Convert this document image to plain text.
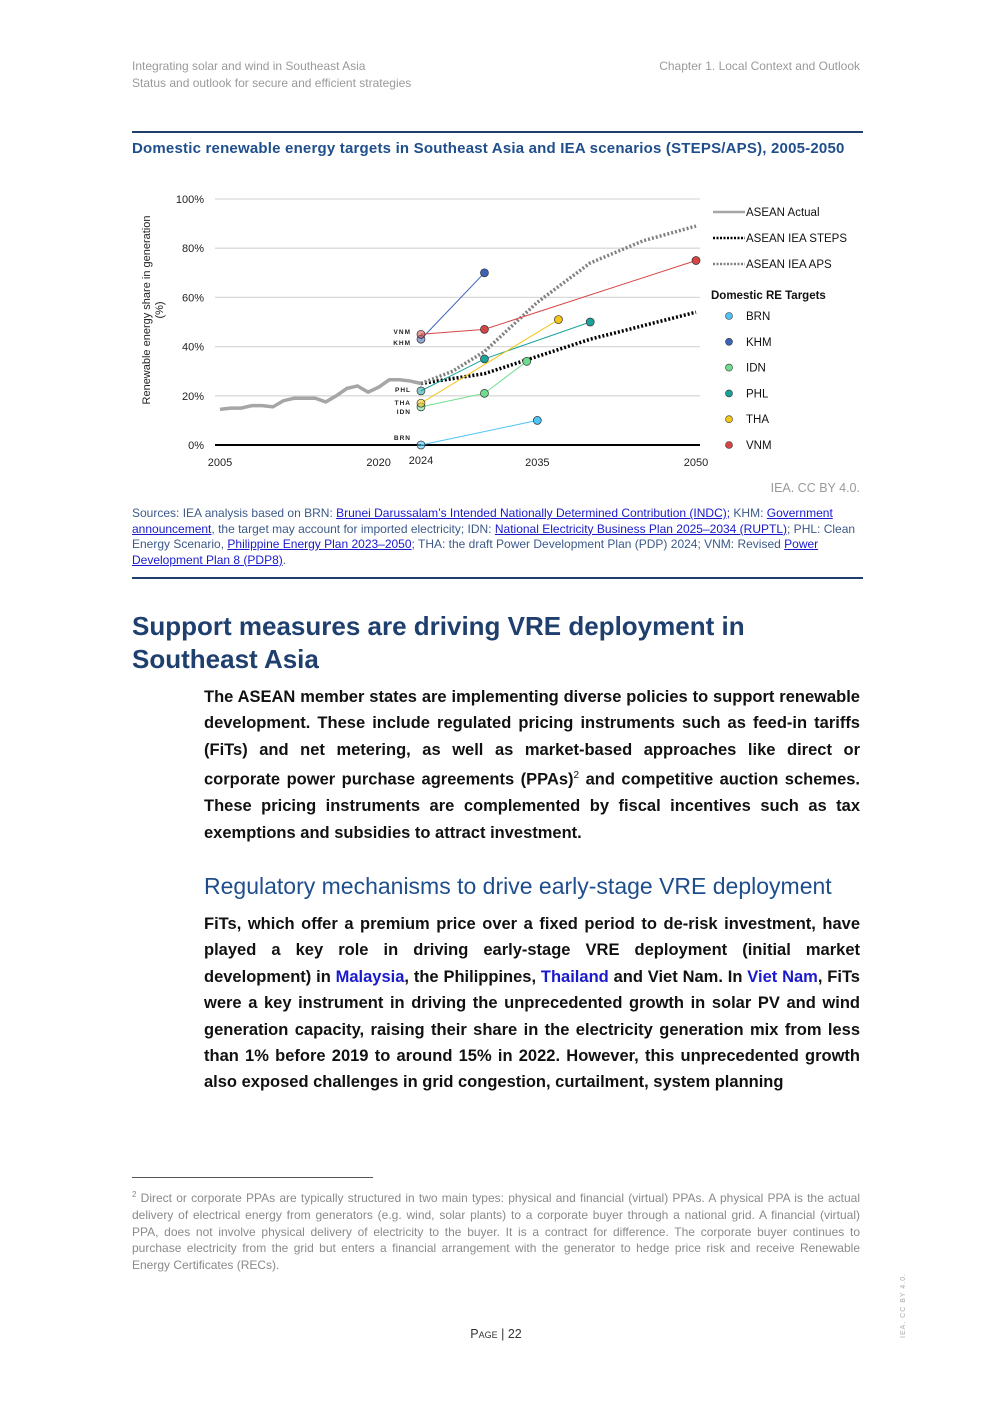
Integrating solar and wind in Southeast Asia
Status and outlook for secure and efficient strategies
Chapter 1. Local Context and Outlook
Domestic renewable energy targets in Southeast Asia and IEA scenarios (STEPS/APS), 2005-2050
0%
20%
40%
60%
80%
100%
2005	2020 2024	2035	2050
Renewable energy share in generation (%)
BRN
KHM
IDN
PHL
THA
VNM
ASEAN Actual
ASEAN IEA STEPS
ASEAN IEA APS
Domestic RE Targets
BRN
KHM
IDN
PHL
THA
VNM
IEA. CC BY 4.0.
Sources: IEA analysis based on BRN: Brunei Darussalam’s Intended Nationally Determined Contribution (INDC); KHM: Government announcement, the target may account for imported electricity; IDN: National Electricity Business Plan 2025–2034 (RUPTL); PHL: Clean Energy Scenario, Philippine Energy Plan 2023–2050; THA: the draft Power Development Plan (PDP) 2024; VNM: Revised Power Development Plan 8 (PDP8).
Support measures are driving VRE deployment in Southeast Asia
The ASEAN member states are implementing diverse policies to support renewable development. These include regulated pricing instruments such as feed-in tariffs (FiTs) and net metering, as well as market-based approaches like direct or corporate power purchase agreements (PPAs)$^2$ and competitive auction schemes. These pricing instruments are complemented by fiscal incentives such as tax exemptions and subsidies to attract investment.
Regulatory mechanisms to drive early-stage VRE deployment
FiTs, which offer a premium price over a fixed period to de-risk investment, have played a key role in driving early-stage VRE deployment (initial market development) in Malaysia, the Philippines, Thailand and Viet Nam. In Viet Nam, FiTs were a key instrument in driving the unprecedented growth in solar PV and wind generation capacity, raising their share in the electricity generation mix from less than 1% before 2019 to around 15% in 2022. However, this unprecedented growth also exposed challenges in grid congestion, curtailment, system planning
$^2$ Direct or corporate PPAs are typically structured in two main types: physical and financial (virtual) PPAs. A physical PPA is the actual delivery of electrical energy from generators (e.g. wind, solar plants) to a corporate buyer through a national grid. A financial (virtual) PPA, does not involve physical delivery of electricity to the buyer. It is a contract for difference. The corporate buyer continues to purchase electricity from the grid but enters a financial arrangement with the generator to hedge price risk and receive Renewable Energy Certificates (RECs).
Page | 22	IEA. CC BY 4.0.
